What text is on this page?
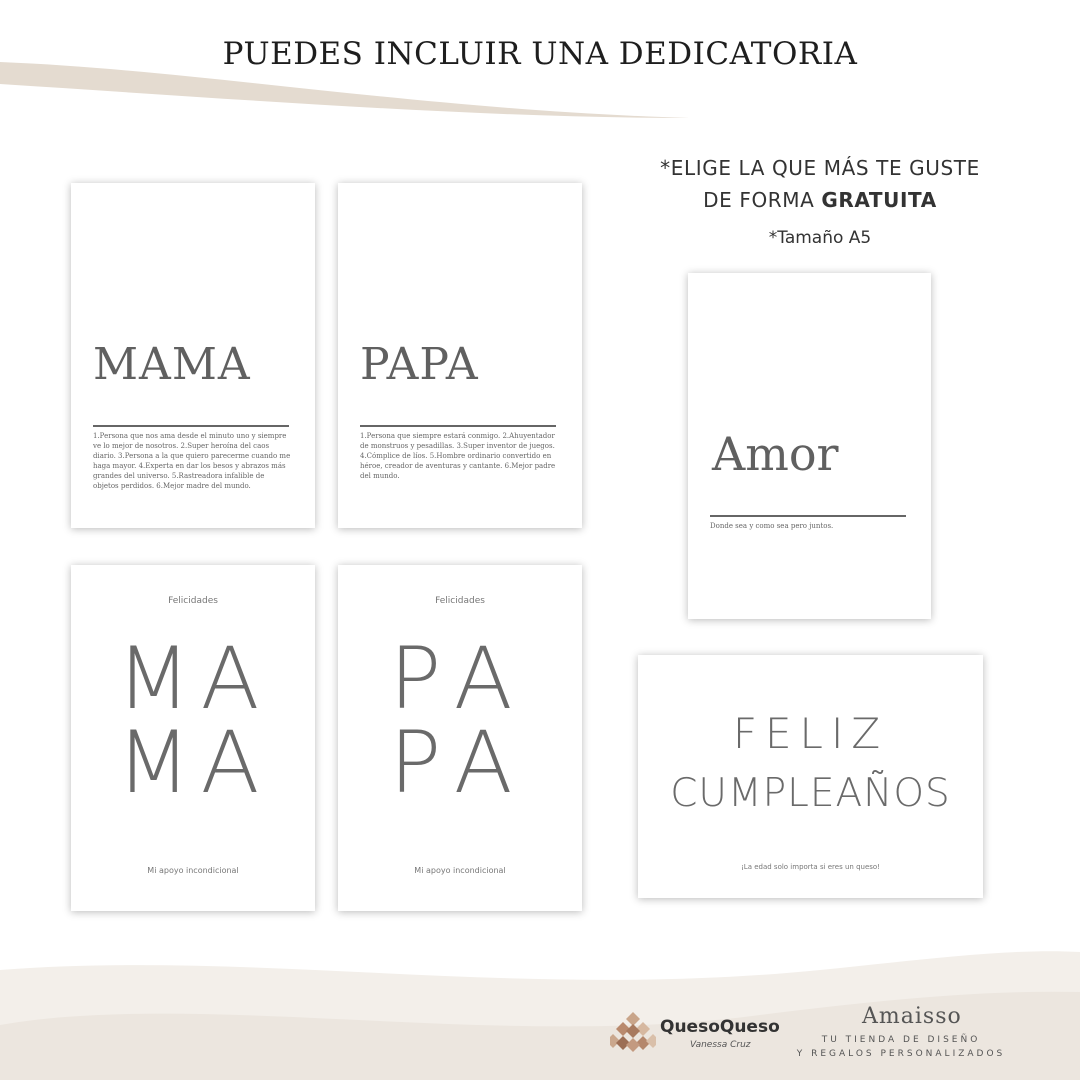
PUEDES INCLUIR UNA DEDICATORIA
*ELIGE LA QUE MÁS TE GUSTE
DE FORMA GRATUITA
*Tamaño A5
MAMA
1.Persona que nos ama desde el minuto uno y siempre ve lo mejor de nosotros. 2.Super heroína del caos diario. 3.Persona a la que quiero parecerme cuando me haga mayor. 4.Experta en dar los besos y abrazos más grandes del universo. 5.Rastreadora infalible de objetos perdidos. 6.Mejor madre del mundo.
PAPA
1.Persona que siempre estará conmigo. 2.Ahuyentador de monstruos y pesadillas. 3.Super inventor de juegos. 4.Cómplice de líos. 5.Hombre ordinario convertido en héroe, creador de aventuras y cantante. 6.Mejor padre del mundo.	Amor
Donde sea y como sea pero juntos.
Felicidades
MA
MA
Mi apoyo incondicional
Felicidades
PA
PA
Mi apoyo incondicional
FELIZ
CUMPLEAÑOS
¡La edad solo importa si eres un queso!
QuesoQueso
Vanessa Cruz
Amaisso
TU TIENDA DE DISEÑO
Y REGALOS PERSONALIZADOS
